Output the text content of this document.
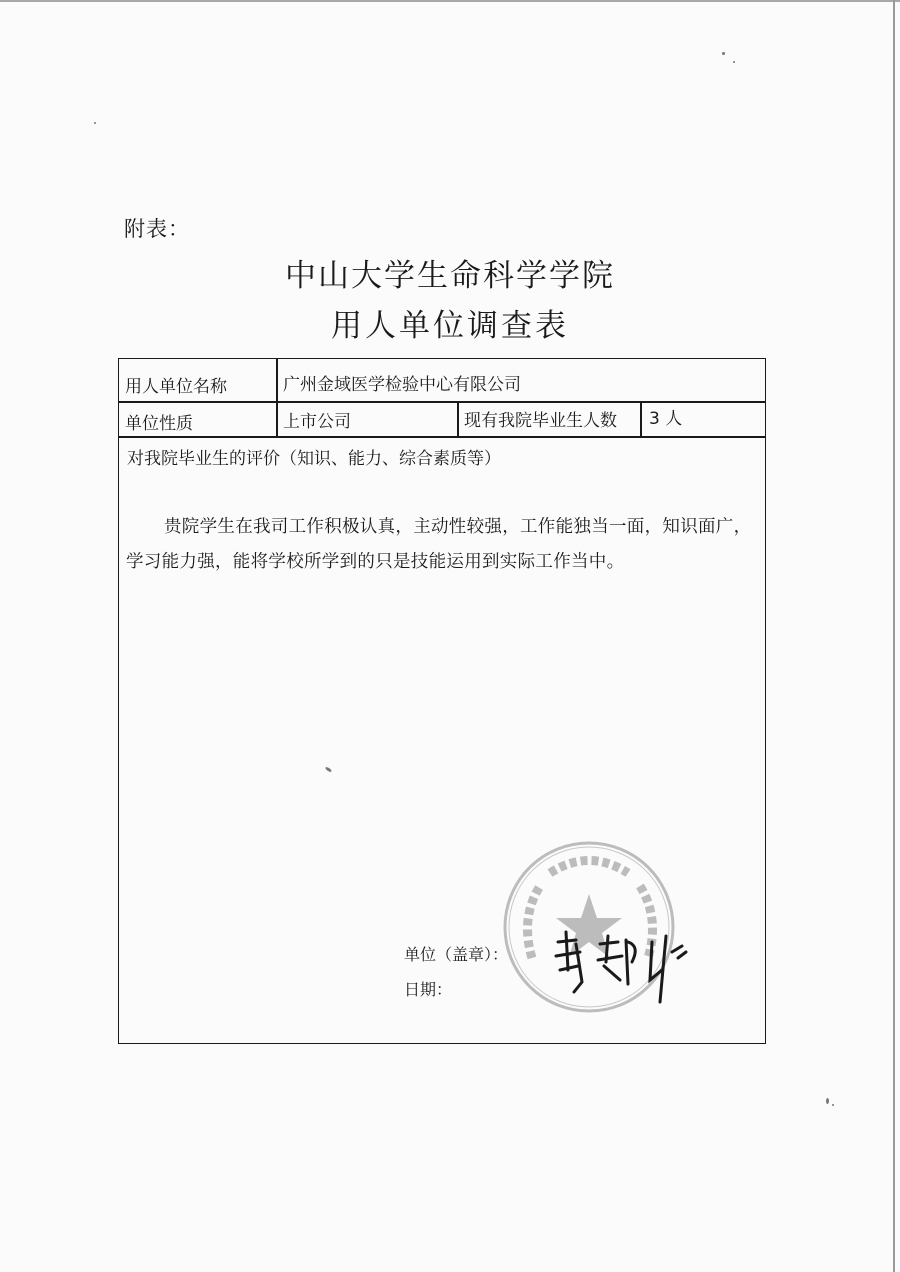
附表：
中山大学生命科学学院
用人单位调查表
用人单位名称	广州金域医学检验中心有限公司
单位性质	上市公司	现有我院毕业生人数 3 人
对我院毕业生的评价（知识、能力、综合素质等）
贵院学生在我司工作积极认真，主动性较强，工作能独当一面，知识面广，学习能力强，能将学校所学到的只是技能运用到实际工作当中。
单位（盖章）：
日期：
